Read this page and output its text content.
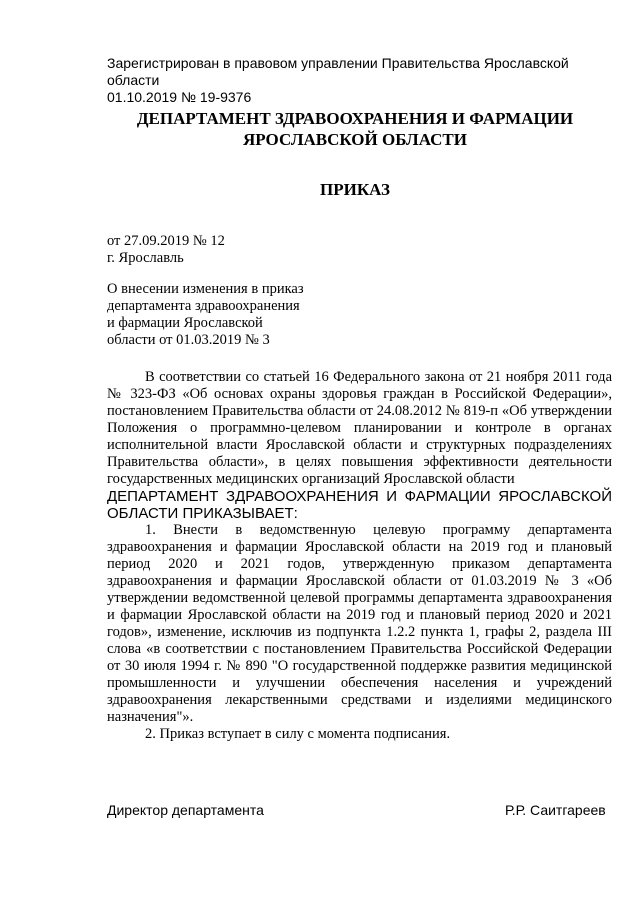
Зарегистрирован в правовом управлении Правительства Ярославской области
01.10.2019 № 19-9376
ДЕПАРТАМЕНТ ЗДРАВООХРАНЕНИЯ И ФАРМАЦИИ
ЯРОСЛАВСКОЙ ОБЛАСТИ
ПРИКАЗ
от 27.09.2019 № 12
г. Ярославль
О внесении изменения в приказ
департамента здравоохранения
и фармации Ярославской
области от 01.03.2019 № 3

В соответствии со статьей 16 Федерального закона от 21 ноября 2011 года № 323-ФЗ «Об основах охраны здоровья граждан в Российской Федерации», постановлением Правительства области от 24.08.2012 № 819-п «Об утверждении Положения о программно-целевом планировании и контроле в органах исполнительной власти Ярославской области и структурных подразделениях Правительства области», в целях повышения эффективности деятельности государственных медицинских организаций Ярославской области

ДЕПАРТАМЕНТ ЗДРАВООХРАНЕНИЯ И ФАРМАЦИИ ЯРОСЛАВСКОЙ ОБЛАСТИ ПРИКАЗЫВАЕТ:

1. Внести в ведомственную целевую программу департамента здравоохранения и фармации Ярославской области на 2019 год и плановый период 2020 и 2021 годов, утвержденную приказом департамента здравоохранения и фармации Ярославской области от 01.03.2019 № 3 «Об утверждении ведомственной целевой программы департамента здравоохранения и фармации Ярославской области на 2019 год и плановый период 2020 и 2021 годов», изменение, исключив из подпункта 1.2.2 пункта 1, графы 2, раздела III слова «в соответствии с постановлением Правительства Российской Федерации от 30 июля 1994 г. № 890 "О государственной поддержке развития медицинской промышленности и улучшении обеспечения населения и учреждений здравоохранения лекарственными средствами и изделиями медицинского назначения"».

2. Приказ вступает в силу с момента подписания.

Директор департамента	Р.Р. Саитгареев
